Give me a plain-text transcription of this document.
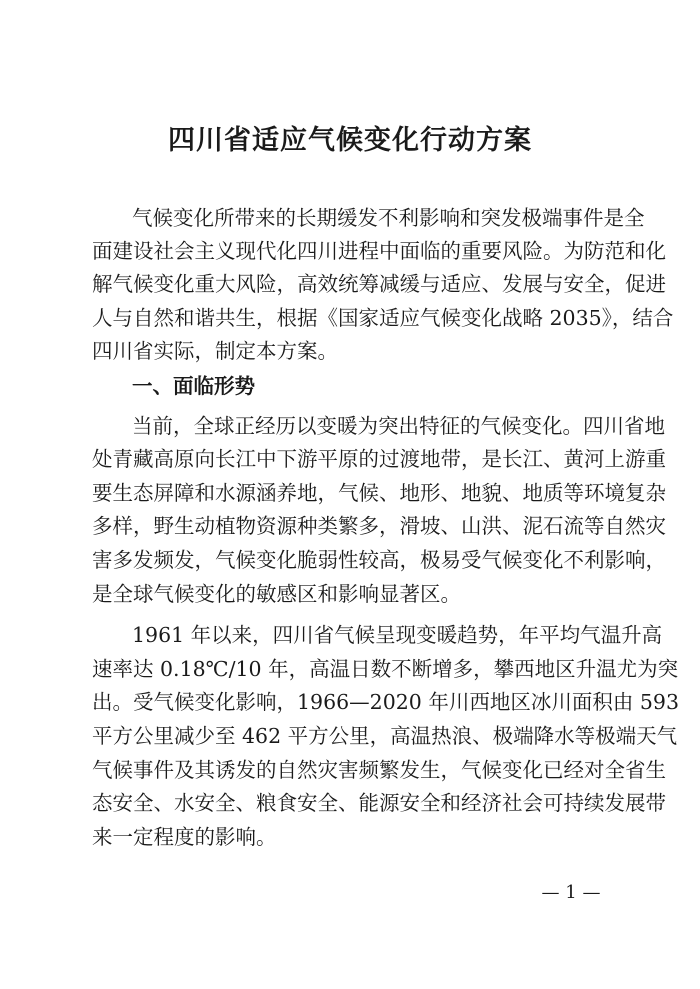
四川省适应气候变化行动方案
气候变化所带来的长期缓发不利影响和突发极端事件是全
面建设社会主义现代化四川进程中面临的重要风险。为防范和化
解气候变化重大风险，高效统筹减缓与适应、发展与安全，促进
人与自然和谐共生，根据《国家适应气候变化战略 2035》，结合
四川省实际，制定本方案。
一、面临形势
当前，全球正经历以变暖为突出特征的气候变化。四川省地
处青藏高原向长江中下游平原的过渡地带，是长江、黄河上游重
要生态屏障和水源涵养地，气候、地形、地貌、地质等环境复杂
多样，野生动植物资源种类繁多，滑坡、山洪、泥石流等自然灾
害多发频发，气候变化脆弱性较高，极易受气候变化不利影响，
是全球气候变化的敏感区和影响显著区。
1961 年以来，四川省气候呈现变暖趋势，年平均气温升高
速率达 0.18℃/10 年，高温日数不断增多，攀西地区升温尤为突
出。受气候变化影响，1966—2020 年川西地区冰川面积由 593
平方公里减少至 462 平方公里，高温热浪、极端降水等极端天气
气候事件及其诱发的自然灾害频繁发生，气候变化已经对全省生
态安全、水安全、粮食安全、能源安全和经济社会可持续发展带
来一定程度的影响。
— 1 —
